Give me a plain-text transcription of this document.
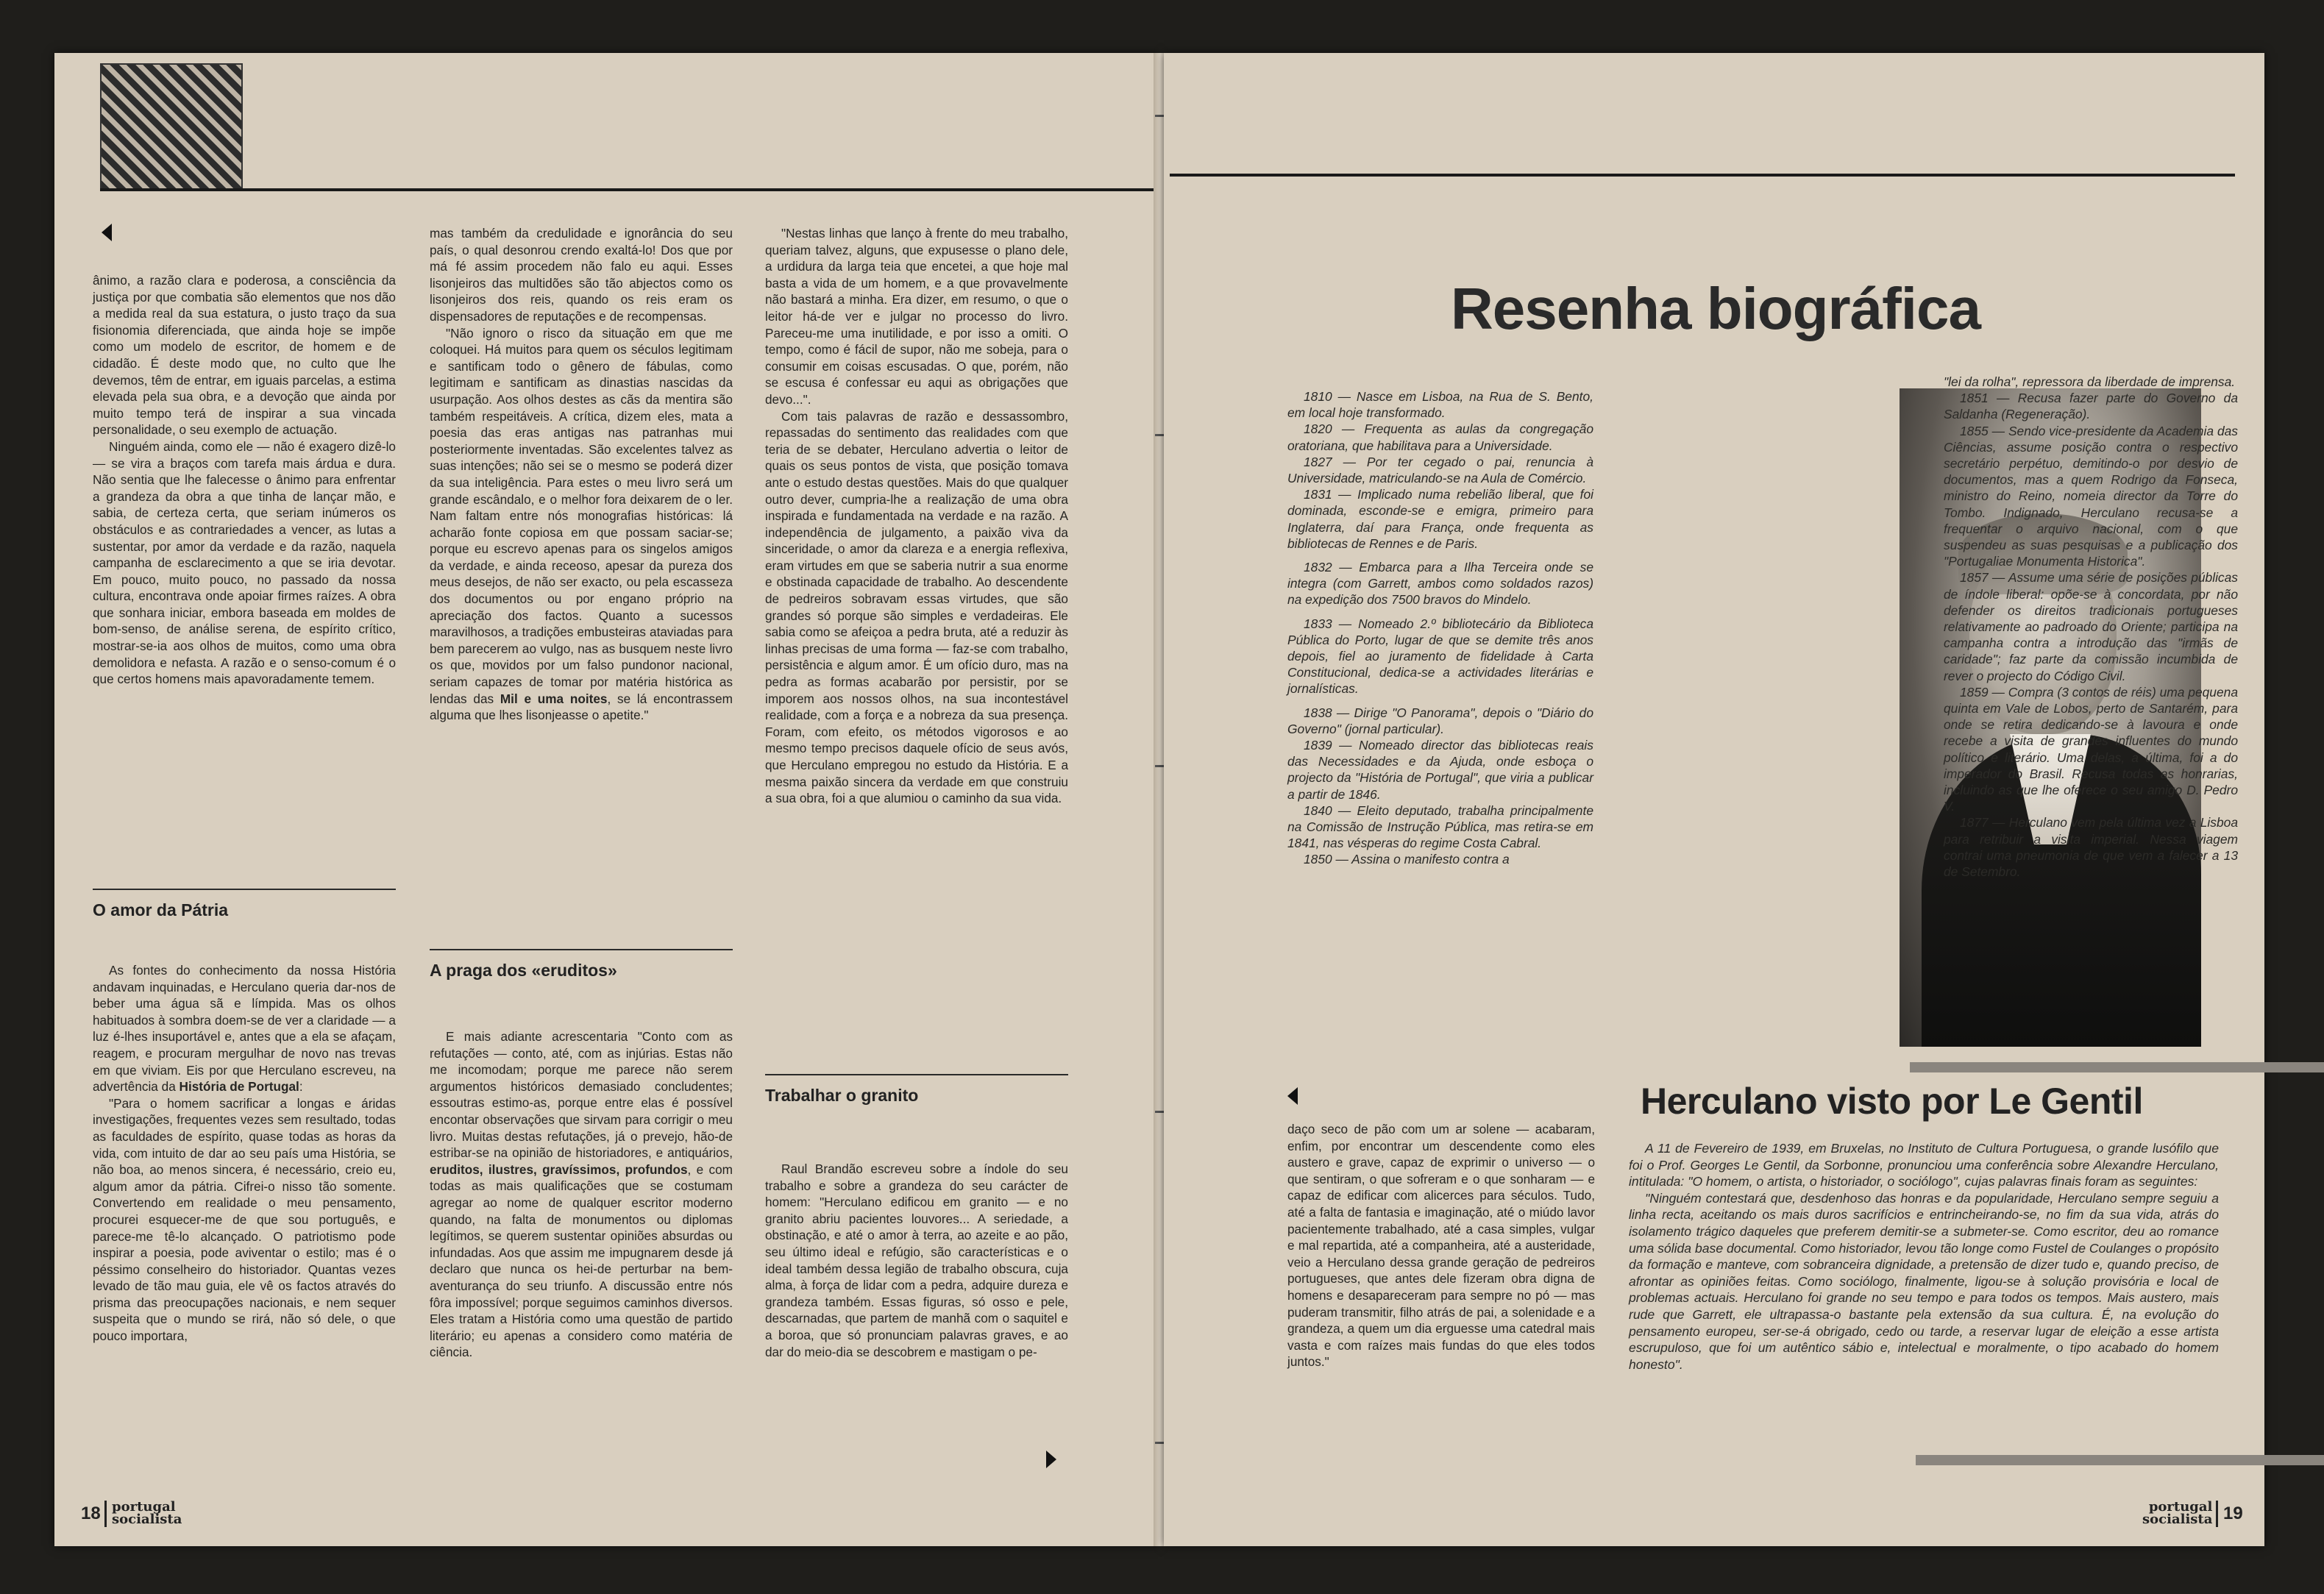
ânimo, a razão clara e poderosa, a consciência da justiça por que combatia são elementos que nos dão a medida real da sua estatura, o justo traço da sua fisionomia diferenciada, que ainda hoje se impõe como um modelo de escritor, de homem e de cidadão. É deste modo que, no culto que lhe devemos, têm de entrar, em iguais parcelas, a estima elevada pela sua obra, e a devoção que ainda por muito tempo terá de inspirar a sua vincada personalidade, o seu exemplo de actuação.

Ninguém ainda, como ele — não é exagero dizê-lo — se vira a braços com tarefa mais árdua e dura. Não sentia que lhe falecesse o ânimo para enfrentar a grandeza da obra a que tinha de lançar mão, e sabia, de certeza certa, que seriam inúmeros os obstáculos e as contrariedades a vencer, as lutas a sustentar, por amor da verdade e da razão, naquela campanha de esclarecimento a que se iria devotar. Em pouco, muito pouco, no passado da nossa cultura, encontrava onde apoiar firmes raízes. A obra que sonhara iniciar, embora baseada em moldes de bom-senso, de análise serena, de espírito crítico, mostrar-se-ia aos olhos de muitos, como uma obra demolidora e nefasta. A razão e o senso-comum é o que certos homens mais apavoradamente temem.

O amor da Pátria

As fontes do conhecimento da nossa História andavam inquinadas, e Herculano queria dar-nos de beber uma água sã e límpida. Mas os olhos habituados à sombra doem-se de ver a claridade — a luz é-lhes insuportável e, antes que a ela se afaçam, reagem, e procuram mergulhar de novo nas trevas em que viviam. Eis por que Herculano escreveu, na advertência da História de Portugal:

"Para o homem sacrificar a longas e áridas investigações, frequentes vezes sem resultado, todas as faculdades de espírito, quase todas as horas da vida, com intuito de dar ao seu país uma História, se não boa, ao menos sincera, é necessário, creio eu, algum amor da pátria. Cifrei-o nisso tão somente. Convertendo em realidade o meu pensamento, procurei esquecer-me de que sou português, e parece-me tê-lo alcançado. O patriotismo pode inspirar a poesia, pode aviventar o estilo; mas é o péssimo conselheiro do historiador. Quantas vezes levado de tão mau guia, ele vê os factos através do prisma das preocupações nacionais, e nem sequer suspeita que o mundo se rirá, não só dele, o que pouco importara,

mas também da credulidade e ignorância do seu país, o qual desonrou crendo exaltá-lo! Dos que por má fé assim procedem não falo eu aqui. Esses lisonjeiros das multidões são tão abjectos como os lisonjeiros dos reis, quando os reis eram os dispensadores de reputações e de recompensas.

"Não ignoro o risco da situação em que me coloquei. Há muitos para quem os séculos legitimam e santificam todo o gênero de fábulas, como legitimam e santificam as dinastias nascidas da usurpação. Aos olhos destes as cãs da mentira são também respeitáveis. A crítica, dizem eles, mata a poesia das eras antigas nas patranhas mui posteriormente inventadas. São excelentes talvez as suas intenções; não sei se o mesmo se poderá dizer da sua inteligência. Para estes o meu livro será um grande escândalo, e o melhor fora deixarem de o ler. Nam faltam entre nós monografias históricas: lá acharão fonte copiosa em que possam saciar-se; porque eu escrevo apenas para os singelos amigos da verdade, e ainda receoso, apesar da pureza dos meus desejos, de não ser exacto, ou pela escasseza dos documentos ou por engano próprio na apreciação dos factos. Quanto a sucessos maravilhosos, a tradições embusteiras ataviadas para bem parecerem ao vulgo, nas as busquem neste livro os que, movidos por um falso pundonor nacional, seriam capazes de tomar por matéria histórica as lendas das Mil e uma noites, se lá encontrassem alguma que lhes lisonjeasse o apetite."

A praga dos «eruditos»

E mais adiante acrescentaria "Conto com as refutações — conto, até, com as injúrias. Estas não me incomodam; porque me parece não serem argumentos históricos demasiado concludentes; essoutras estimo-as, porque entre elas é possível encontar observações que sirvam para corrigir o meu livro. Muitas destas refutações, já o prevejo, hão-de estribar-se na opinião de historiadores, e antiquários, eruditos, ilustres, gravíssimos, profundos, e com todas as mais qualificações que se costumam agregar ao nome de qualquer escritor moderno quando, na falta de monumentos ou diplomas legítimos, se querem sustentar opiniões absurdas ou infundadas. Aos que assim me impugnarem desde já declaro que nunca os hei-de perturbar na bem-aventurança do seu triunfo. A discussão entre nós fôra impossível; porque seguimos caminhos diversos. Eles tratam a História como uma questão de partido literário; eu apenas a considero como matéria de ciência.

"Nestas linhas que lanço à frente do meu trabalho, queriam talvez, alguns, que expusesse o plano dele, a urdidura da larga teia que encetei, a que hoje mal basta a vida de um homem, e a que provavelmente não bastará a minha. Era dizer, em resumo, o que o leitor há-de ver e julgar no processo do livro. Pareceu-me uma inutilidade, e por isso a omiti. O tempo, como é fácil de supor, não me sobeja, para o consumir em coisas escusadas. O que, porém, não se escusa é confessar eu aqui as obrigações que devo...".

Com tais palavras de razão e dessassombro, repassadas do sentimento das realidades com que teria de se debater, Herculano advertia o leitor de quais os seus pontos de vista, que posição tomava ante o estudo destas questões. Mais do que qualquer outro dever, cumpria-lhe a realização de uma obra inspirada e fundamentada na verdade e na razão. A independência de julgamento, a paixão viva da sinceridade, o amor da clareza e a energia reflexiva, eram virtudes em que se saberia nutrir a sua enorme e obstinada capacidade de trabalho. Ao descendente de pedreiros sobravam essas virtudes, que são grandes só porque são simples e verdadeiras. Ele sabia como se afeiçoa a pedra bruta, até a reduzir às linhas precisas de uma forma — faz-se com trabalho, persistência e algum amor. É um ofício duro, mas na pedra as formas acabarão por persistir, por se imporem aos nossos olhos, na sua incontestável realidade, com a força e a nobreza da sua presença. Foram, com efeito, os métodos vigorosos e ao mesmo tempo precisos daquele ofício de seus avós, que Herculano empregou no estudo da História. E a mesma paixão sincera da verdade em que construiu a sua obra, foi a que alumiou o caminho da sua vida.

Trabalhar o granito

Raul Brandão escreveu sobre a índole do seu trabalho e sobre a grandeza do seu carácter de homem: "Herculano edificou em granito — e no granito abriu pacientes louvores... A seriedade, a obstinação, e até o amor à terra, ao azeite e ao pão, seu último ideal e refúgio, são características e o ideal também dessa legião de trabalho obscura, cuja alma, à força de lidar com a pedra, adquire dureza e grandeza também. Essas figuras, só osso e pele, descarnadas, que partem de manhã com o saquitel e a boroa, que só pronunciam palavras graves, e ao dar do meio-dia se descobrem e mastigam o pe-

18 portugal
socialista
Resenha biográfica

1810 — Nasce em Lisboa, na Rua de S. Bento, em local hoje transformado.

1820 — Frequenta as aulas da congregação oratoriana, que habilitava para a Universidade.

1827 — Por ter cegado o pai, renuncia à Universidade, matriculando-se na Aula de Comércio.

1831 — Implicado numa rebelião liberal, que foi dominada, esconde-se e emigra, primeiro para Inglaterra, daí para França, onde frequenta as bibliotecas de Rennes e de Paris.

1832 — Embarca para a Ilha Terceira onde se integra (com Garrett, ambos como soldados razos) na expedição dos 7500 bravos do Mindelo.

1833 — Nomeado 2.º bibliotecário da Biblioteca Pública do Porto, lugar de que se demite três anos depois, fiel ao juramento de fidelidade à Carta Constitucional, dedica-se a actividades literárias e jornalísticas.

1838 — Dirige "O Panorama", depois o "Diário do Governo" (jornal particular).

1839 — Nomeado director das bibliotecas reais das Necessidades e da Ajuda, onde esboça o projecto da "História de Portugal", que viria a publicar a partir de 1846.

1840 — Eleito deputado, trabalha principalmente na Comissão de Instrução Pública, mas retira-se em 1841, nas vésperas do regime Costa Cabral.

1850 — Assina o manifesto contra a

"lei da rolha", repressora da liberdade de imprensa.

1851 — Recusa fazer parte do Governo da Saldanha (Regeneração).

1855 — Sendo vice-presidente da Academia das Ciências, assume posição contra o respectivo secretário perpétuo, demitindo-o por desvio de documentos, mas a quem Rodrigo da Fonseca, ministro do Reino, nomeia director da Torre do Tombo. Indignado, Herculano recusa-se a frequentar o arquivo nacional, com o que suspendeu as suas pesquisas e a publicação dos "Portugaliae Monumenta Historica".

1857 — Assume uma série de posições públicas de índole liberal: opõe-se à concordata, por não defender os direitos tradicionais portugueses relativamente ao padroado do Oriente; participa na campanha contra a introdução das "irmãs de caridade"; faz parte da comissão incumbida de rever o projecto do Código Civil.

1859 — Compra (3 contos de réis) uma pequena quinta em Vale de Lobos, perto de Santarém, para onde se retira dedicando-se à lavoura e onde recebe a visita de grandes influentes do mundo político e literário. Uma delas, a última, foi a do imperador do Brasil. Recusa todas as honrarias, incluindo as que lhe oferece o seu amigo D. Pedro V.

1877 — Herculano vem pela última vez a Lisboa para retribuir a visita imperial. Nessa viagem contrai uma pneumonia de que vem a falecer a 13 de Setembro.

daço seco de pão com um ar solene — acabaram, enfim, por encontrar um descendente como eles austero e grave, capaz de exprimir o universo — o que sentiram, o que sofreram e o que sonharam — e capaz de edificar com alicerces para séculos. Tudo, até a falta de fantasia e imaginação, até o miúdo lavor pacientemente trabalhado, até a casa simples, vulgar e mal repartida, até a companheira, até a austeridade, veio a Herculano dessa grande geração de pedreiros portugueses, que antes dele fizeram obra digna de homens e desapareceram para sempre no pó — mas puderam transmitir, filho atrás de pai, a solenidade e a grandeza, a quem um dia erguesse uma catedral mais vasta e com raízes mais fundas do que eles todos juntos."

Herculano visto por Le Gentil

A 11 de Fevereiro de 1939, em Bruxelas, no Instituto de Cultura Portuguesa, o grande lusófilo que foi o Prof. Georges Le Gentil, da Sorbonne, pronunciou uma conferência sobre Alexandre Herculano, intitulada: "O homem, o artista, o historiador, o sociólogo", cujas palavras finais foram as seguintes:

"Ninguém contestará que, desdenhoso das honras e da popularidade, Herculano sempre seguiu a linha recta, aceitando os mais duros sacrifícios e entrincheirando-se, no fim da sua vida, atrás do isolamento trágico daqueles que preferem demitir-se a submeter-se. Como escritor, deu ao romance uma sólida base documental. Como historiador, levou tão longe como Fustel de Coulanges o propósito da formação e manteve, com sobranceira dignidade, a pretensão de dizer tudo e, quando preciso, de afrontar as opiniões feitas. Como sociólogo, finalmente, ligou-se à solução provisória e local de problemas actuais. Herculano foi grande no seu tempo e para todos os tempos. Mais austero, mais rude que Garrett, ele ultrapassa-o bastante pela extensão da sua cultura. É, na evolução do pensamento europeu, ser-se-á obrigado, cedo ou tarde, a reservar lugar de eleição a esse artista escrupuloso, que foi um autêntico sábio e, intelectual e moralmente, o tipo acabado do homem honesto".

portugal
socialista 19
